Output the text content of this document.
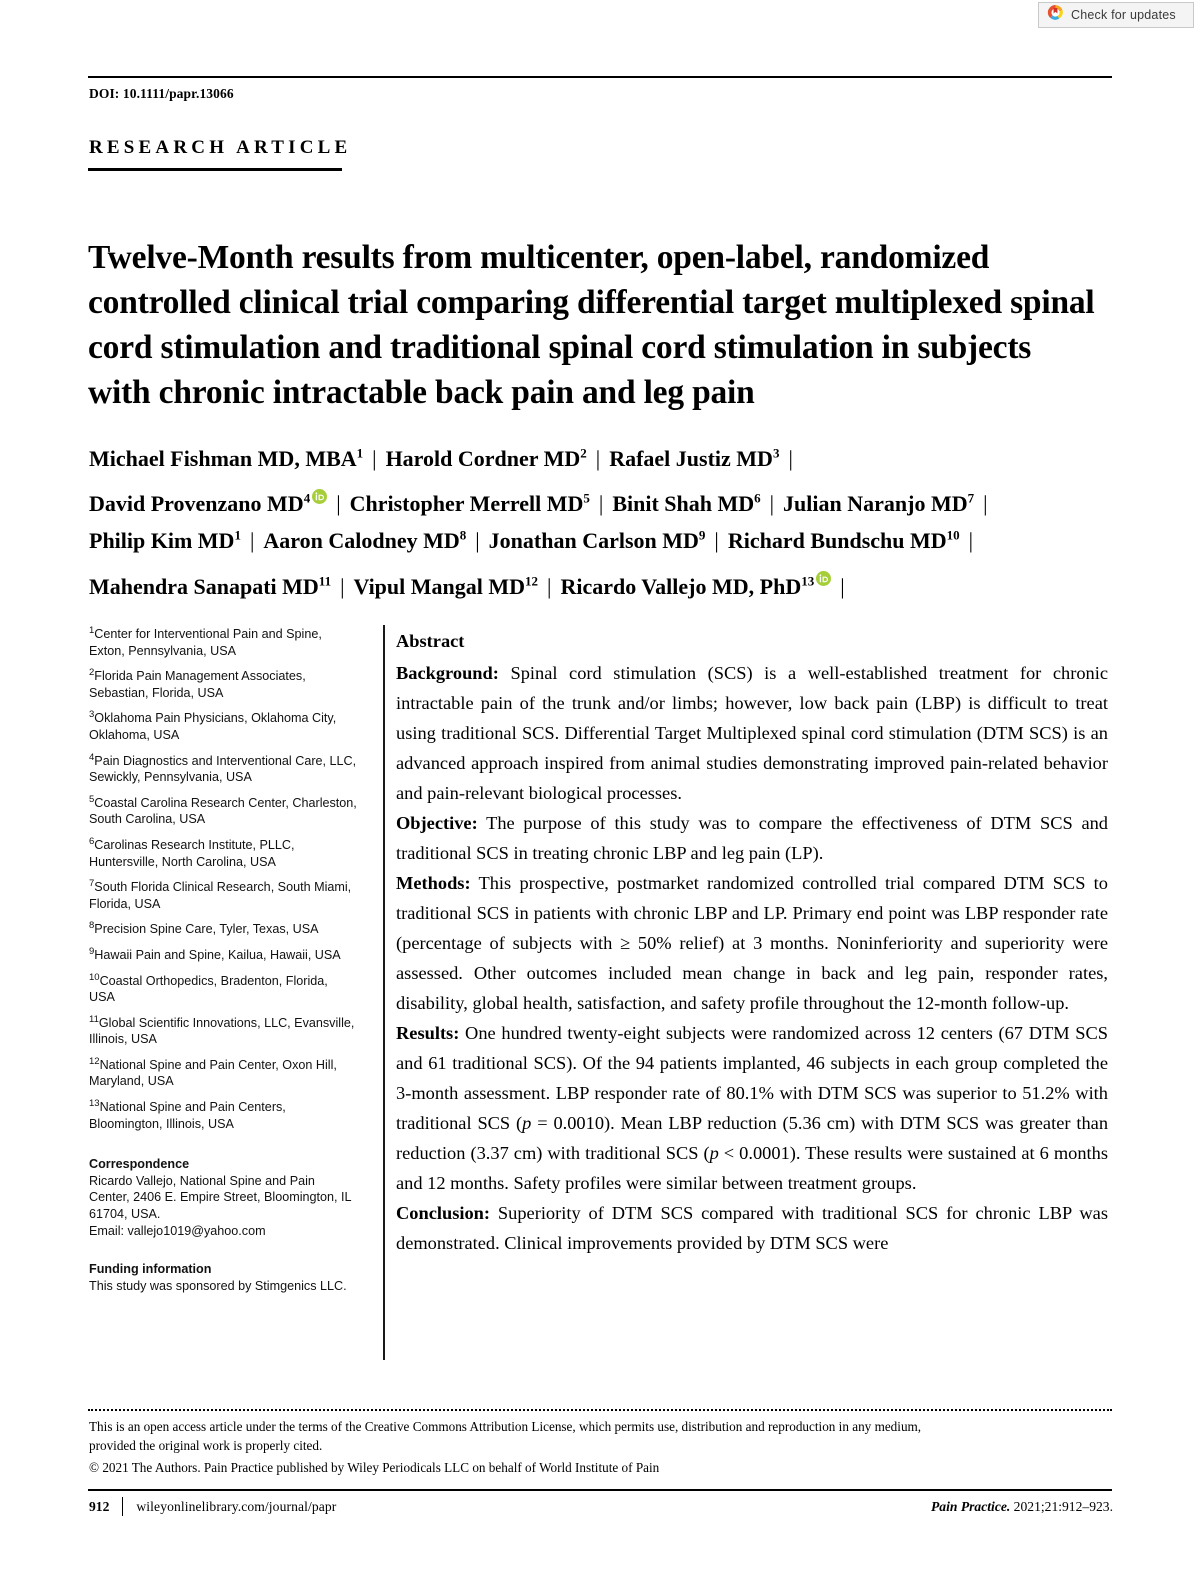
Check for updates
DOI: 10.1111/papr.13066
RESEARCH ARTICLE
Twelve-Month results from multicenter, open-label, randomized controlled clinical trial comparing differential target multiplexed spinal cord stimulation and traditional spinal cord stimulation in subjects with chronic intractable back pain and leg pain
Michael Fishman MD, MBA$^1$ | Harold Cordner $MD^2$ | Rafael Justiz $MD^3$ |
David Provenzano $MD^4$ | Christopher Merrell $MD^5$ | Binit Shah $MD^6$ | Julian Naranjo $MD^7$ |
Philip Kim $MD^1$ | Aaron Calodney $MD^8$ | Jonathan Carlson $MD^9$ | Richard Bundschu MD$^{10}$ |
Mahendra Sanapati MD$^{11}$ | Vipul Mangal MD$^{12}$ | Ricardo Vallejo MD, PhD$^{13}$ |
$^1$Center for Interventional Pain and Spine, Exton, Pennsylvania, USA
$^2$Florida Pain Management Associates, Sebastian, Florida, USA
$^3$Oklahoma Pain Physicians, Oklahoma City, Oklahoma, USA
$^4$Pain Diagnostics and Interventional Care, LLC, Sewickly, Pennsylvania, USA
$^5$Coastal Carolina Research Center, Charleston, South Carolina, USA
$^6$Carolinas Research Institute, PLLC, Huntersville, North Carolina, USA
$^7$South Florida Clinical Research, South Miami, Florida, USA
$^8$Precision Spine Care, Tyler, Texas, USA
$^9$Hawaii Pain and Spine, Kailua, Hawaii, USA
$^{10}$Coastal Orthopedics, Bradenton, Florida, USA
$^{11}$Global Scientific Innovations, LLC, Evansville, Illinois, USA
$^{12}$National Spine and Pain Center, Oxon Hill, Maryland, USA
$^{13}$National Spine and Pain Centers, Bloomington, Illinois, USA
Correspondence
Ricardo Vallejo, National Spine and Pain Center, 2406 E. Empire Street, Bloomington, IL 61704, USA.
Email: vallejo1019@yahoo.com
Funding information
This study was sponsored by Stimgenics LLC.
Abstract

Background: Spinal cord stimulation (SCS) is a well-established treatment for chronic intractable pain of the trunk and/or limbs; however, low back pain (LBP) is difficult to treat using traditional SCS. Differential Target Multiplexed spinal cord stimulation (DTM SCS) is an advanced approach inspired from animal studies demonstrating improved pain-related behavior and pain-relevant biological processes.

Objective: The purpose of this study was to compare the effectiveness of DTM SCS and traditional SCS in treating chronic LBP and leg pain (LP).

Methods: This prospective, postmarket randomized controlled trial compared DTM SCS to traditional SCS in patients with chronic LBP and LP. Primary end point was LBP responder rate (percentage of subjects with ≥ 50% relief) at 3 months. Noninferiority and superiority were assessed. Other outcomes included mean change in back and leg pain, responder rates, disability, global health, satisfaction, and safety profile throughout the 12-month follow-up.

Results: One hundred twenty-eight subjects were randomized across 12 centers (67 DTM SCS and 61 traditional SCS). Of the 94 patients implanted, 46 subjects in each group completed the 3-month assessment. LBP responder rate of 80.1% with DTM SCS was superior to 51.2% with traditional SCS (p = 0.0010). Mean LBP reduction (5.36 cm) with DTM SCS was greater than reduction (3.37 cm) with traditional SCS (p < 0.0001). These results were sustained at 6 months and 12 months. Safety profiles were similar between treatment groups.

Conclusion: Superiority of DTM SCS compared with traditional SCS for chronic LBP was demonstrated. Clinical improvements provided by DTM SCS were

This is an open access article under the terms of the Creative Commons Attribution License, which permits use, distribution and reproduction in any medium,
provided the original work is properly cited.
© 2021 The Authors. Pain Practice published by Wiley Periodicals LLC on behalf of World Institute of Pain
912	wileyonlinelibrary.com/journal/papr	Pain Practice. 2021;21:912–923.
